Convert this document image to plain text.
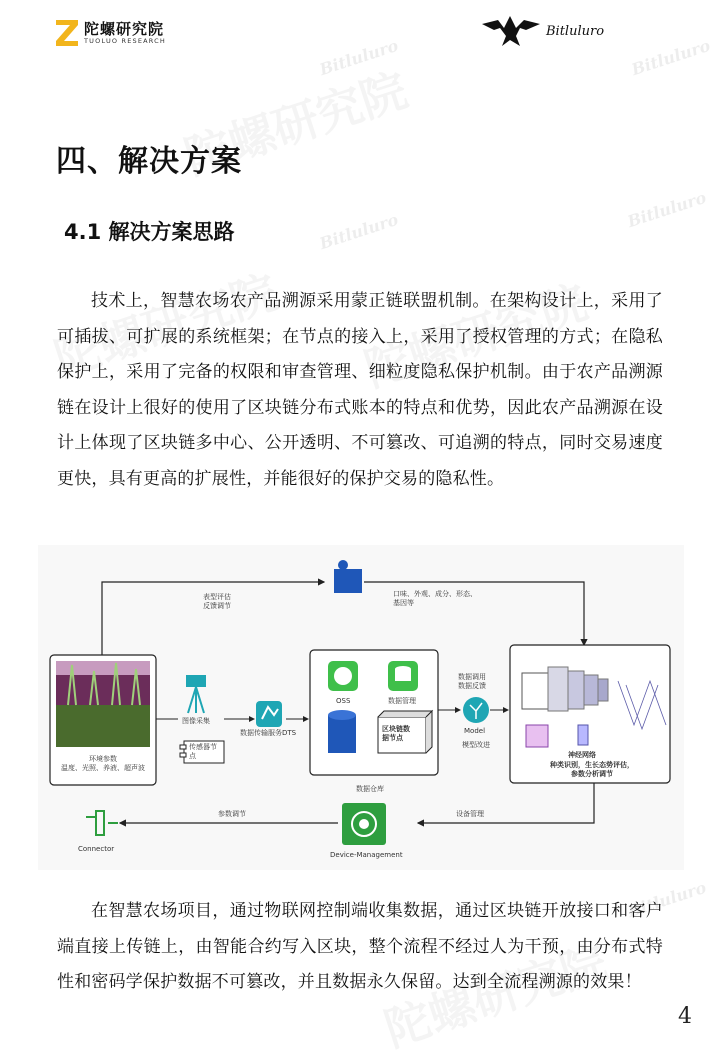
陀螺研究院
TUOLUO RESEARCH
Bitluluro
Bitluluro	Bitluluro
Bitluluro
Bitluluro
Bitluluro
四、解决方案
4.1 解决方案思路
技术上，智慧农场农产品溯源采用蒙正链联盟机制。在架构设计上，采用了可插拔、可扩展的系统框架；在节点的接入上，采用了授权管理的方式；在隐私保护上，采用了完备的权限和审查管理、细粒度隐私保护机制。由于农产品溯源链在设计上很好的使用了区块链分布式账本的特点和优势，因此农产品溯源在设计上体现了区块链多中心、公开透明、不可篡改、可追溯的特点，同时交易速度更快，具有更高的扩展性，并能很好的保护交易的隐私性。
表型评估
反馈调节
口味、外观、成分、形态、
基因等
环境参数
温度、光照、养液、超声波
图像采集
传感器节
点
数据传输服务DTS
OSS	数据管理
区块链数
据节点
数据仓库
数据调用
数据反馈
Model
模型改进
神经网络
种类识别，生长态势评估，
参数分析调节
参数调节	设备管理
Connector
Device-Management
在智慧农场项目，通过物联网控制端收集数据，通过区块链开放接口和客户端直接上传链上，由智能合约写入区块，整个流程不经过人为干预，由分布式特性和密码学保护数据不可篡改，并且数据永久保留。达到全流程溯源的效果！
4
